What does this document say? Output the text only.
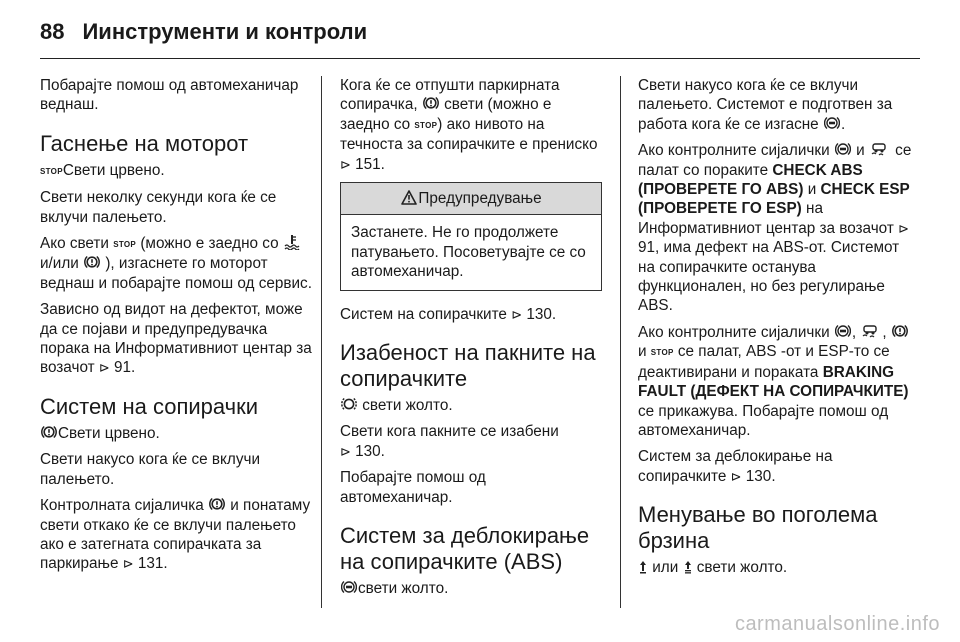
88 Иинструменти и контроли

Побарајте помош од автомеханичар веднаш.

Гаснење на моторот

STOPСвети црвено.

Свети неколку секунди кога ќе се вклучи палењето.

Ако свети STOP (можно е заедно со  и/или ), изгаснете го моторот веднаш и побарајте помош од сервис.

Зависно од видот на дефектот, може да се појави и предупредувачка порака на Информативниот центар за возачот ⊳ 91.

Систем на сопирачки

Свети црвено.

Свети накусо кога ќе се вклучи палењето.

Контролната сијаличка и понатаму свети откако ќе се вклучи палењето ако е затегната сопирачката за паркирање ⊳ 131.

Кога ќе се отпушти паркирната сопирачка, свети (можно е заедно со STOP) ако нивото на течноста за сопирачките е прениско ⊳ 151.

Предупредување
Застанете. Не го продолжете патувањето. Посоветувајте се со автомеханичар.

Систем на сопирачките ⊳ 130.

Изабеност на пакните на сопирачките

свети жолто.

Свети кога пакните се изабени
⊳ 130.

Побарајте помош од автомеханичар.

Систем за деблокирање на сопирачките (ABS)

свети жолто.

Свети накусо кога ќе се вклучи палењето. Системот е подготвен за работа кога ќе се изгасне .

Ако контролните сијалички и се палат со пораките CHECK ABS (ПРОВЕРЕТЕ ГО ABS) и CHECK ESP (ПРОВЕРЕТЕ ГО ESP) на Информативниот центар за возачот ⊳ 91, има дефект на ABS-от. Системот на сопирачките останува функционален, но без регулирање ABS.

Ако контролните сијалички , ,  и STOP се палат, ABS -от и ESP-то се деактивирани и пораката BRAKING FAULT (ДЕФЕКТ НА СОПИРАЧКИТЕ) се прикажува. Побарајте помош од автомеханичар.

Систем за деблокирање на сопирачките ⊳ 130.

Менување во поголема брзина

или свети жолто.

carmanualsonline.info
